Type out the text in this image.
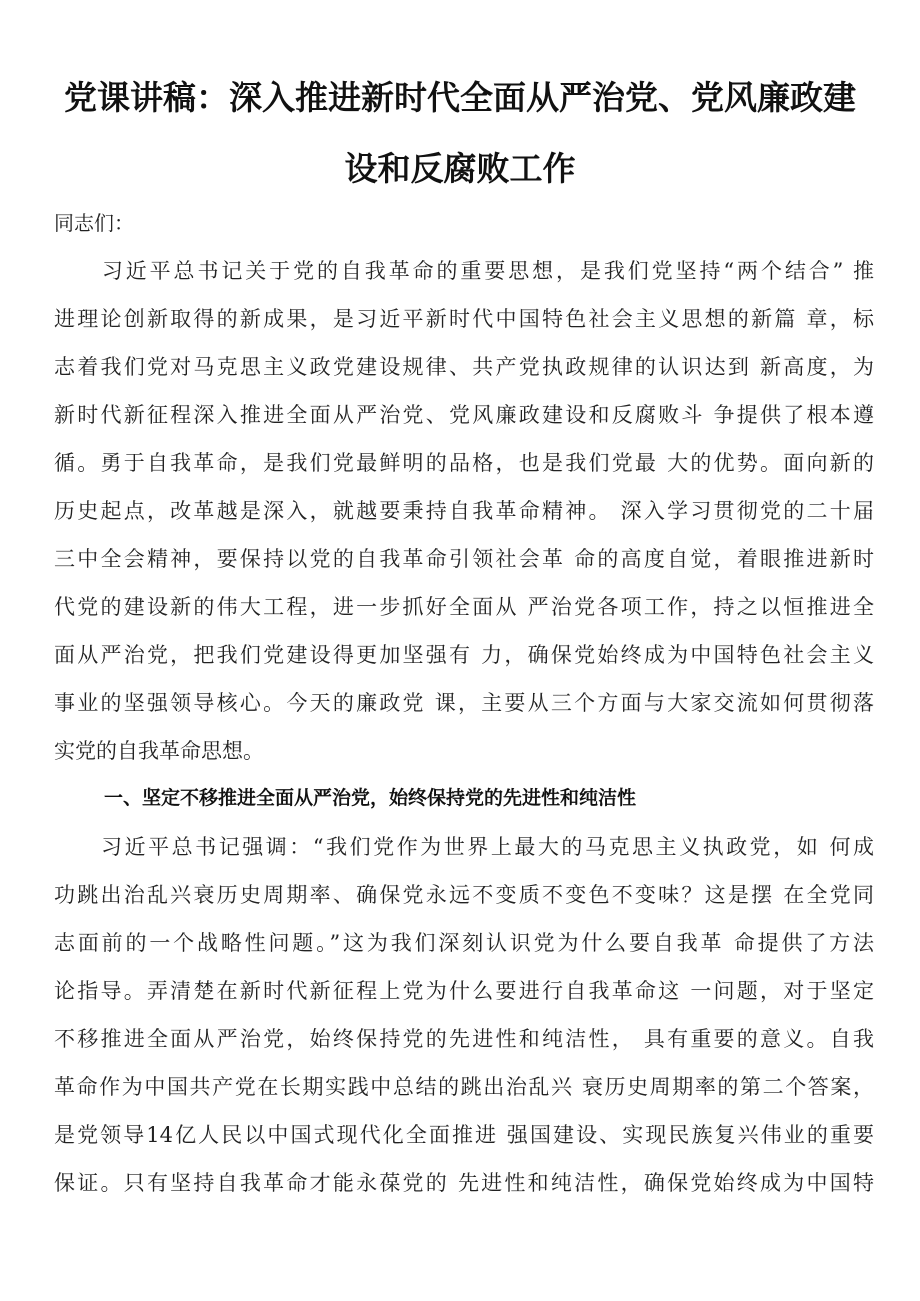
党课讲稿：深入推进新时代全面从严治党、党风廉政建
设和反腐败工作
同志们：
　　习近平总书记关于党的自我革命的重要思想，是我们党坚持“两个结合” 推
进理论创新取得的新成果，是习近平新时代中国特色社会主义思想的新篇 章，标
志着我们党对马克思主义政党建设规律、共产党执政规律的认识达到 新高度，为
新时代新征程深入推进全面从严治党、党风廉政建设和反腐败斗 争提供了根本遵
循。勇于自我革命，是我们党最鲜明的品格，也是我们党最 大的优势。面向新的
历史起点，改革越是深入，就越要秉持自我革命精神。 深入学习贯彻党的二十届
三中全会精神，要保持以党的自我革命引领社会革 命的高度自觉，着眼推进新时
代党的建设新的伟大工程，进一步抓好全面从 严治党各项工作，持之以恒推进全
面从严治党，把我们党建设得更加坚强有 力，确保党始终成为中国特色社会主义
事业的坚强领导核心。今天的廉政党 课，主要从三个方面与大家交流如何贯彻落
实党的自我革命思想。
一、坚定不移推进全面从严治党，始终保持党的先进性和纯洁性
　　习近平总书记强调：“我们党作为世界上最大的马克思主义执政党，如 何成
功跳出治乱兴衰历史周期率、确保党永远不变质不变色不变味？这是摆 在全党同
志面前的一个战略性问题。”这为我们深刻认识党为什么要自我革 命提供了方法
论指导。弄清楚在新时代新征程上党为什么要进行自我革命这 一问题，对于坚定
不移推进全面从严治党，始终保持党的先进性和纯洁性， 具有重要的意义。自我
革命作为中国共产党在长期实践中总结的跳出治乱兴 衰历史周期率的第二个答案，
是党领导14亿人民以中国式现代化全面推进 强国建设、实现民族复兴伟业的重要
保证。只有坚持自我革命才能永葆党的 先进性和纯洁性，确保党始终成为中国特
